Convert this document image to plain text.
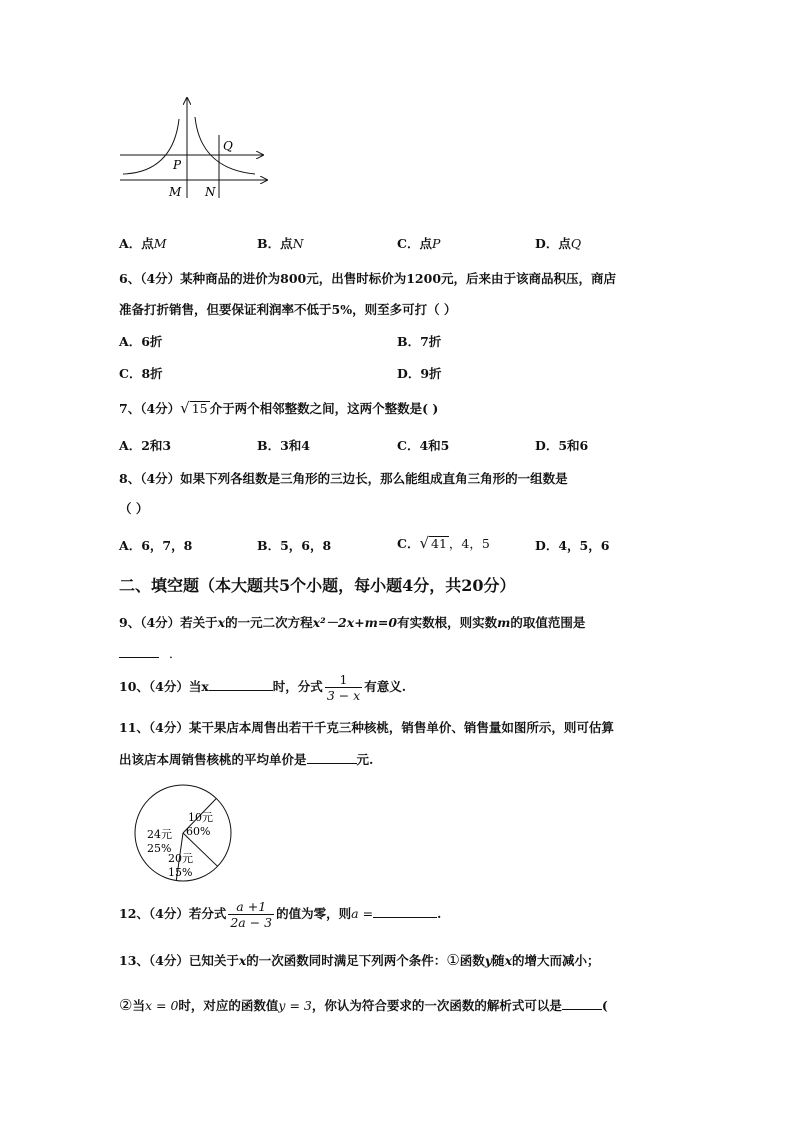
Q
P
M N
A．点M	B．点N	C．点P	D．点Q
6、（4分）某种商品的进价为800元，出售时标价为1200元，后来由于该商品积压，商店
准备打折销售，但要保证利润率不低于5%，则至多可打（ ）
A．6折	B．7折
C．8折	D．9折
7、（4分） √ 15 介于两个相邻整数之间，这两个整数是( )
A．2和3	B．3和4	C．4和5	D．5和6
8、（4分）如果下列各组数是三角形的三边长，那么能组成直角三角形的一组数是
（ ）
A．6，7，8	B．5，6，8	C． √ 41 ，4，5	D．4，5，6
二、填空题（本大题共5个小题，每小题4分，共20分）
9、（4分）若关于x的一元二次方程x²－2x+m=0有实数根，则实数m的取值范围是
．
10、（4分）当x	时，分式 $\frac{1}{3 - x}$ 有意义.
11、（4分）某干果店本周售出若干千克三种核桃，销售单价、销售量如图所示，则可估算
出该店本周销售核桃的平均单价是	元.
10元
60%
24元
25%
20元
15%
12、（4分）若分式 $\frac{a +1}{2a - 3}$ 的值为零，则a =	.
13、（4分）已知关于x的一次函数同时满足下列两个条件：①函数y随x的增大而减小；
②当x = 0时，对应的函数值y = 3，你认为符合要求的一次函数的解析式可以是	(
